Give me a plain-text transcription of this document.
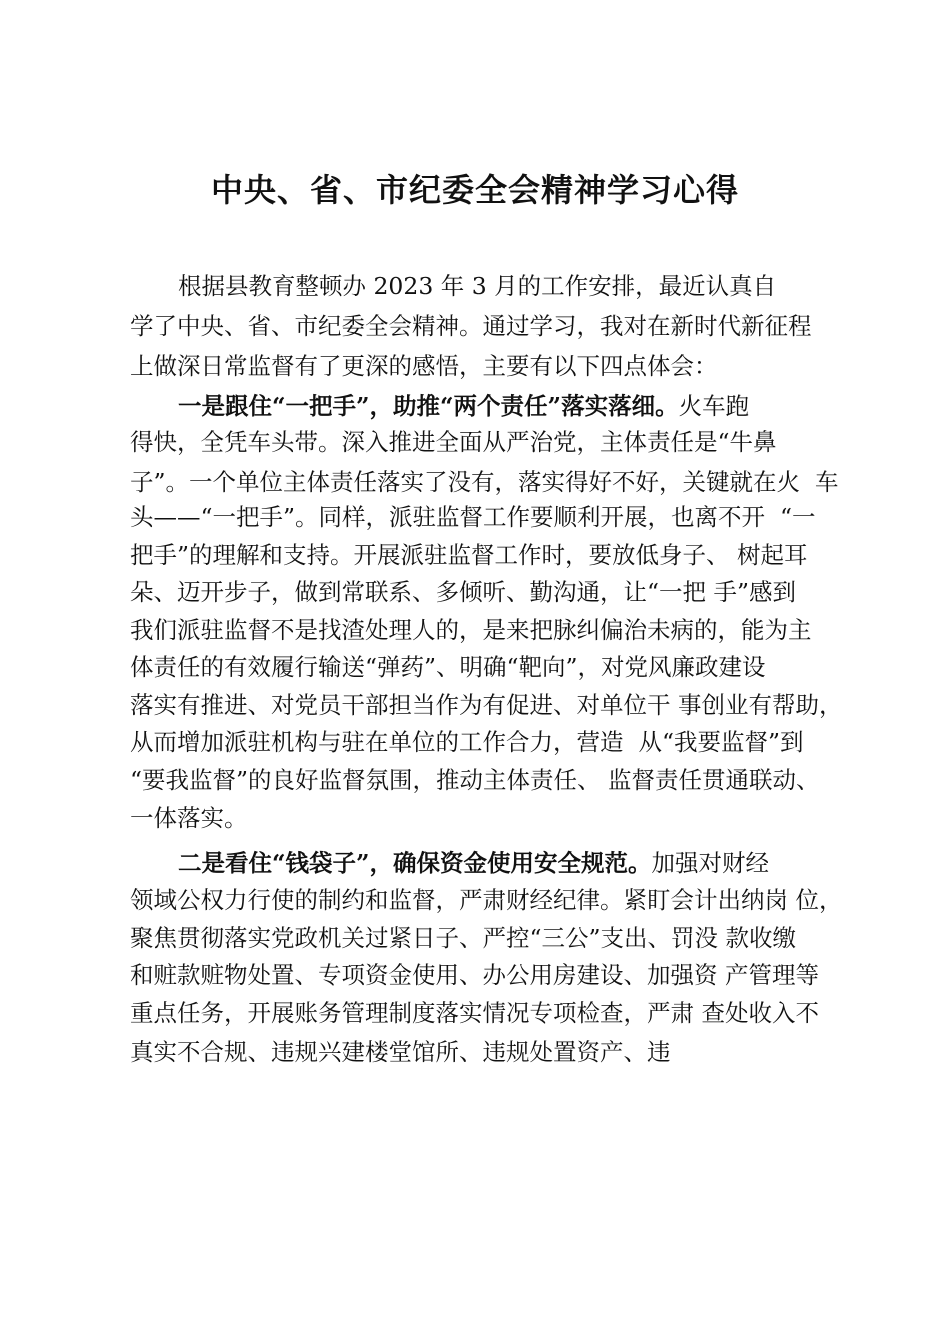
中央、省、市纪委全会精神学习心得

根据县教育整顿办 2023 年 3 月的工作安排，最近认真自

学了中央、省、市纪委全会精神。通过学习，我对在新时代新征程

上做深日常监督有了更深的感悟，主要有以下四点体会：

一是跟住“一把手”，助推“两个责任”落实落细。火车跑

得快，全凭车头带。深入推进全面从严治党，主体责任是“牛鼻

子”。一个单位主体责任落实了没有，落实得好不好，关键就在火  车

头——“一把手”。同样，派驻监督工作要顺利开展，也离不开  “一

把手”的理解和支持。开展派驻监督工作时，要放低身子、 树起耳

朵、迈开步子，做到常联系、多倾听、勤沟通，让“一把 手”感到

我们派驻监督不是找渣处理人的，是来把脉纠偏治未病的，能为主

体责任的有效履行输送“弹药”、明确“靶向”，对党风廉政建设

落实有推进、对党员干部担当作为有促进、对单位干 事创业有帮助，

从而增加派驻机构与驻在单位的工作合力，营造  从“我要监督”到

“要我监督”的良好监督氛围，推动主体责任、 监督责任贯通联动、

一体落实。

二是看住“钱袋子”，确保资金使用安全规范。加强对财经

领域公权力行使的制约和监督，严肃财经纪律。紧盯会计出纳岗 位，

聚焦贯彻落实党政机关过紧日子、严控“三公”支出、罚没 款收缴

和赃款赃物处置、专项资金使用、办公用房建设、加强资 产管理等

重点任务，开展账务管理制度落实情况专项检查，严肃 查处收入不

真实不合规、违规兴建楼堂馆所、违规处置资产、违
